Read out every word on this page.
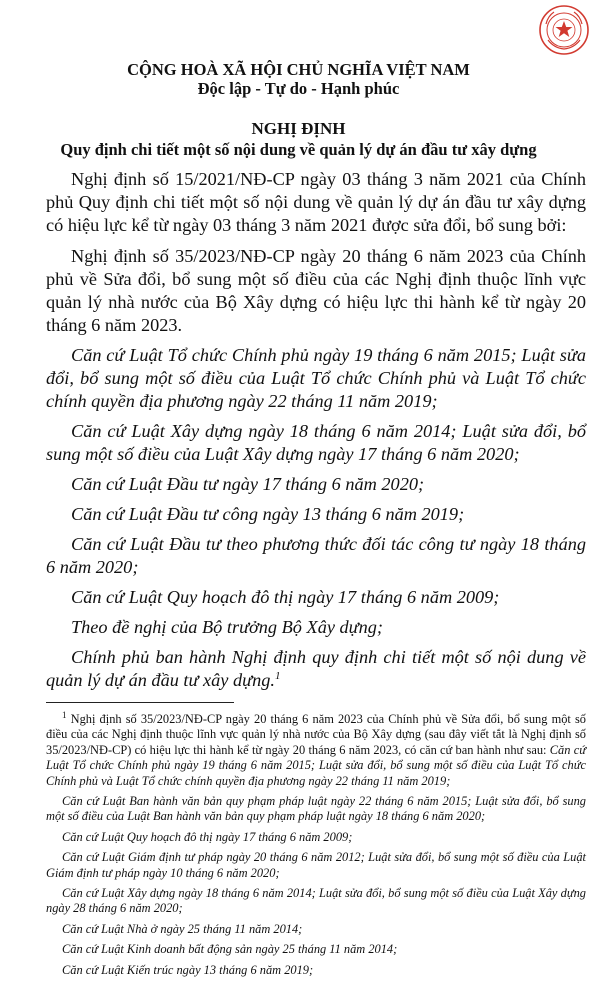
CỘNG HOÀ XÃ HỘI CHỦ NGHĨA VIỆT NAM
Độc lập - Tự do - Hạnh phúc
NGHỊ ĐỊNH
Quy định chi tiết một số nội dung về quản lý dự án đầu tư xây dựng

Nghị định số 15/2021/NĐ-CP ngày 03 tháng 3 năm 2021 của Chính phủ Quy định chi tiết một số nội dung về quản lý dự án đầu tư xây dựng có hiệu lực kể từ ngày 03 tháng 3 năm 2021 được sửa đổi, bổ sung bởi:

Nghị định số 35/2023/NĐ-CP ngày 20 tháng 6 năm 2023 của Chính phủ về Sửa đổi, bổ sung một số điều của các Nghị định thuộc lĩnh vực quản lý nhà nước của Bộ Xây dựng có hiệu lực thi hành kể từ ngày 20 tháng 6 năm 2023.

Căn cứ Luật Tổ chức Chính phủ ngày 19 tháng 6 năm 2015; Luật sửa đổi, bổ sung một số điều của Luật Tổ chức Chính phủ và Luật Tổ chức chính quyền địa phương ngày 22 tháng 11 năm 2019;

Căn cứ Luật Xây dựng ngày 18 tháng 6 năm 2014; Luật sửa đổi, bổ sung một số điều của Luật Xây dựng ngày 17 tháng 6 năm 2020;

Căn cứ Luật Đầu tư ngày 17 tháng 6 năm 2020;

Căn cứ Luật Đầu tư công ngày 13 tháng 6 năm 2019;

Căn cứ Luật Đầu tư theo phương thức đối tác công tư ngày 18 tháng 6 năm 2020;

Căn cứ Luật Quy hoạch đô thị ngày 17 tháng 6 năm 2009;

Theo đề nghị của Bộ trưởng Bộ Xây dựng;

Chính phủ ban hành Nghị định quy định chi tiết một số nội dung về quản lý dự án đầu tư xây dựng.$^1$

$^1$ Nghị định số 35/2023/NĐ-CP ngày 20 tháng 6 năm 2023 của Chính phủ về Sửa đổi, bổ sung một số điều của các Nghị định thuộc lĩnh vực quản lý nhà nước của Bộ Xây dựng (sau đây viết tắt là Nghị định số 35/2023/NĐ-CP) có hiệu lực thi hành kể từ ngày 20 tháng 6 năm 2023, có căn cứ ban hành như sau: Căn cứ Luật Tổ chức Chính phủ ngày 19 tháng 6 năm 2015; Luật sửa đổi, bổ sung một số điều của Luật Tổ chức Chính phủ và Luật Tổ chức chính quyền địa phương ngày 22 tháng 11 năm 2019;

Căn cứ Luật Ban hành văn bản quy phạm pháp luật ngày 22 tháng 6 năm 2015; Luật sửa đổi, bổ sung một số điều của Luật Ban hành văn bản quy phạm pháp luật ngày 18 tháng 6 năm 2020;

Căn cứ Luật Quy hoạch đô thị ngày 17 tháng 6 năm 2009;

Căn cứ Luật Giám định tư pháp ngày 20 tháng 6 năm 2012; Luật sửa đổi, bổ sung một số điều của Luật Giám định tư pháp ngày 10 tháng 6 năm 2020;

Căn cứ Luật Xây dựng ngày 18 tháng 6 năm 2014; Luật sửa đổi, bổ sung một số điều của Luật Xây dựng ngày 28 tháng 6 năm 2020;

Căn cứ Luật Nhà ở ngày 25 tháng 11 năm 2014;

Căn cứ Luật Kinh doanh bất động sản ngày 25 tháng 11 năm 2014;

Căn cứ Luật Kiến trúc ngày 13 tháng 6 năm 2019;
